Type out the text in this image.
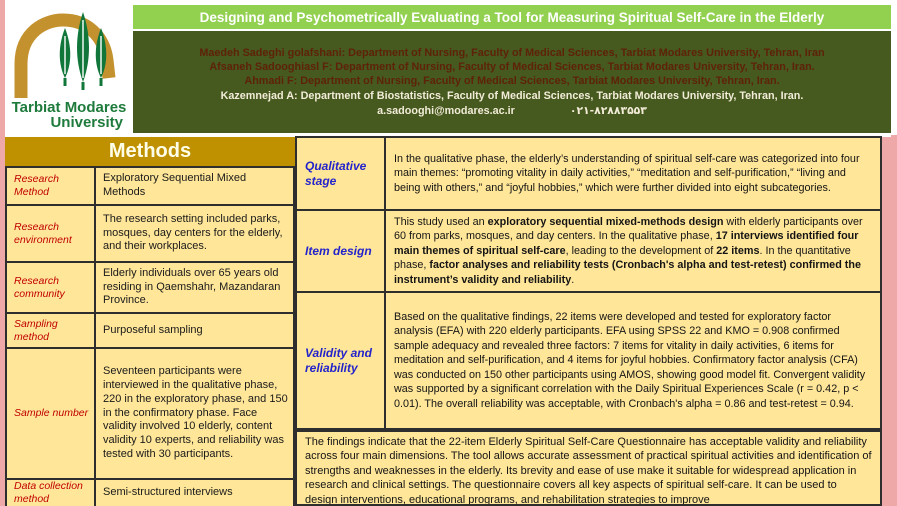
Tarbiat Modares
University
Designing and Psychometrically Evaluating a Tool for Measuring Spiritual Self-Care in the Elderly
Maedeh Sadeghi golafshani: Department of Nursing, Faculty of Medical Sciences, Tarbiat Modares University, Tehran, Iran
Afsaneh Sadooghiasl F: Department of Nursing, Faculty of Medical Sciences, Tarbiat Modares University, Tehran, Iran.
Ahmadi F: Department of Nursing, Faculty of Medical Sciences, Tarbiat Modares University, Tehran, Iran.
Kazemnejad A: Department of Biostatistics, Faculty of Medical Sciences, Tarbiat Modares University, Tehran, Iran.
a.sadooghi@modares.ac.ir	۰۲۱-۸۲۸۸۳۵۵۳
Methods
Research Method
Exploratory Sequential Mixed Methods
Research environment
The research setting included parks, mosques, day centers for the elderly, and their workplaces.
Research community
Elderly individuals over 65 years old residing in Qaemshahr, Mazandaran Province.
Sampling method
Purposeful sampling
Sample number
Seventeen participants were interviewed in the qualitative phase, 220 in the exploratory phase, and 150 in the confirmatory phase. Face validity involved 10 elderly, content validity 10 experts, and reliability was tested with 30 participants.
Data collection method
Semi-structured interviews
Qualitative stage
In the qualitative phase, the elderly’s understanding of spiritual self-care was categorized into four main themes: “promoting vitality in daily activities,” “meditation and self-purification,” “living and being with others,” and “joyful hobbies,” which were further divided into eight subcategories.
Item design
This study used an exploratory sequential mixed-methods design with elderly participants over 60 from parks, mosques, and day centers. In the qualitative phase, 17 interviews identified four main themes of spiritual self-care, leading to the development of 22 items. In the quantitative phase, factor analyses and reliability tests (Cronbach's alpha and test-retest) confirmed the instrument’s validity and reliability.
Validity and reliability
Based on the qualitative findings, 22 items were developed and tested for exploratory factor analysis (EFA) with 220 elderly participants. EFA using SPSS 22 and KMO = 0.908 confirmed sample adequacy and revealed three factors: 7 items for vitality in daily activities, 6 items for meditation and self-purification, and 4 items for joyful hobbies. Confirmatory factor analysis (CFA) was conducted on 150 other participants using AMOS, showing good model fit. Convergent validity was supported by a significant correlation with the Daily Spiritual Experiences Scale (r = 0.42, p < 0.01). The overall reliability was acceptable, with Cronbach's alpha = 0.86 and test-retest = 0.94.
The findings indicate that the 22-item Elderly Spiritual Self-Care Questionnaire has acceptable validity and reliability across four main dimensions. The tool allows accurate assessment of practical spiritual activities and identification of strengths and weaknesses in the elderly. Its brevity and ease of use make it suitable for widespread application in research and clinical settings. The questionnaire covers all key aspects of spiritual self-care. It can be used to design interventions, educational programs, and rehabilitation strategies to improve
